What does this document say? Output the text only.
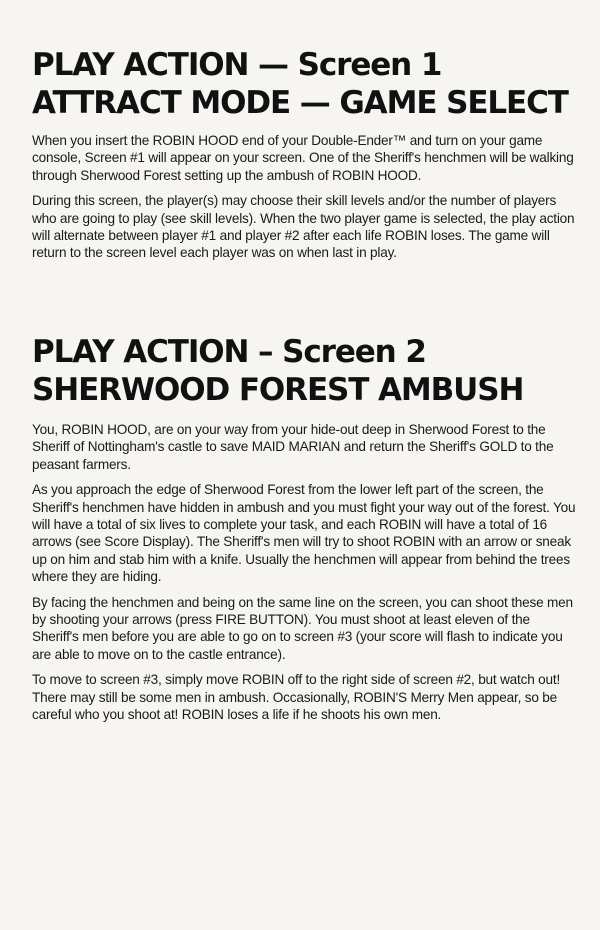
PLAY ACTION — Screen 1
ATTRACT MODE — GAME SELECT

When you insert the ROBIN HOOD end of your Double-Ender™ and turn on your game console, Screen #1 will appear on your screen. One of the Sheriff's henchmen will be walking through Sherwood Forest setting up the ambush of ROBIN HOOD.

During this screen, the player(s) may choose their skill levels and/or the number of players who are going to play (see skill levels). When the two player game is selected, the play action will alternate between player #1 and player #2 after each life ROBIN loses. The game will return to the screen level each player was on when last in play.

PLAY ACTION – Screen 2
SHERWOOD FOREST AMBUSH

You, ROBIN HOOD, are on your way from your hide-out deep in Sherwood Forest to the Sheriff of Nottingham's castle to save MAID MARIAN and return the Sheriff's GOLD to the peasant farmers.

As you approach the edge of Sherwood Forest from the lower left part of the screen, the Sheriff's henchmen have hidden in ambush and you must fight your way out of the forest. You will have a total of six lives to complete your task, and each ROBIN will have a total of 16 arrows (see Score Display). The Sheriff's men will try to shoot ROBIN with an arrow or sneak up on him and stab him with a knife. Usually the henchmen will appear from behind the trees where they are hiding.

By facing the henchmen and being on the same line on the screen, you can shoot these men by shooting your arrows (press FIRE BUTTON). You must shoot at least eleven of the Sheriff's men before you are able to go on to screen #3 (your score will flash to indicate you are able to move on to the castle entrance).

To move to screen #3, simply move ROBIN off to the right side of screen #2, but watch out! There may still be some men in ambush. Occasionally, ROBIN'S Merry Men appear, so be careful who you shoot at! ROBIN loses a life if he shoots his own men.
